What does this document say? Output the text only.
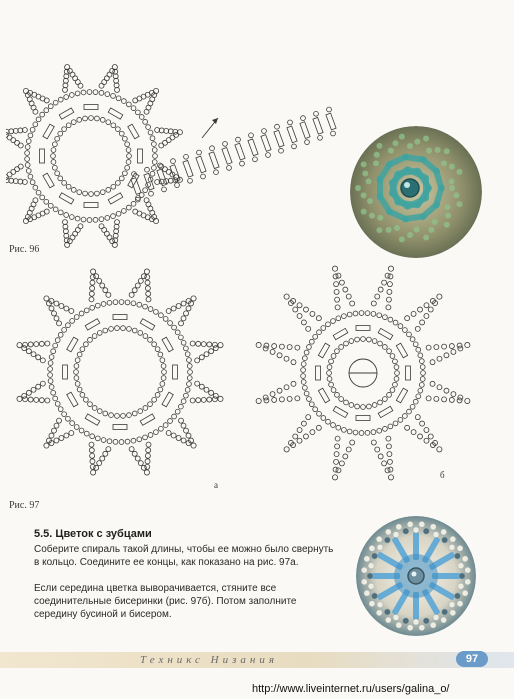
Рис. 96
а
б
Рис. 97
5.5. Цветок с зубцами
Соберите спираль такой длины, чтобы ее можно было свернуть в кольцо. Соедините ее концы, как показано на рис. 97а.
Если середина цветка выворачивается, стяните все соединительные бисеринки (рис. 97б). Потом заполните середину бусиной и бисером.
Техникс Низания	97
http://www.liveinternet.ru/users/galina_o/
